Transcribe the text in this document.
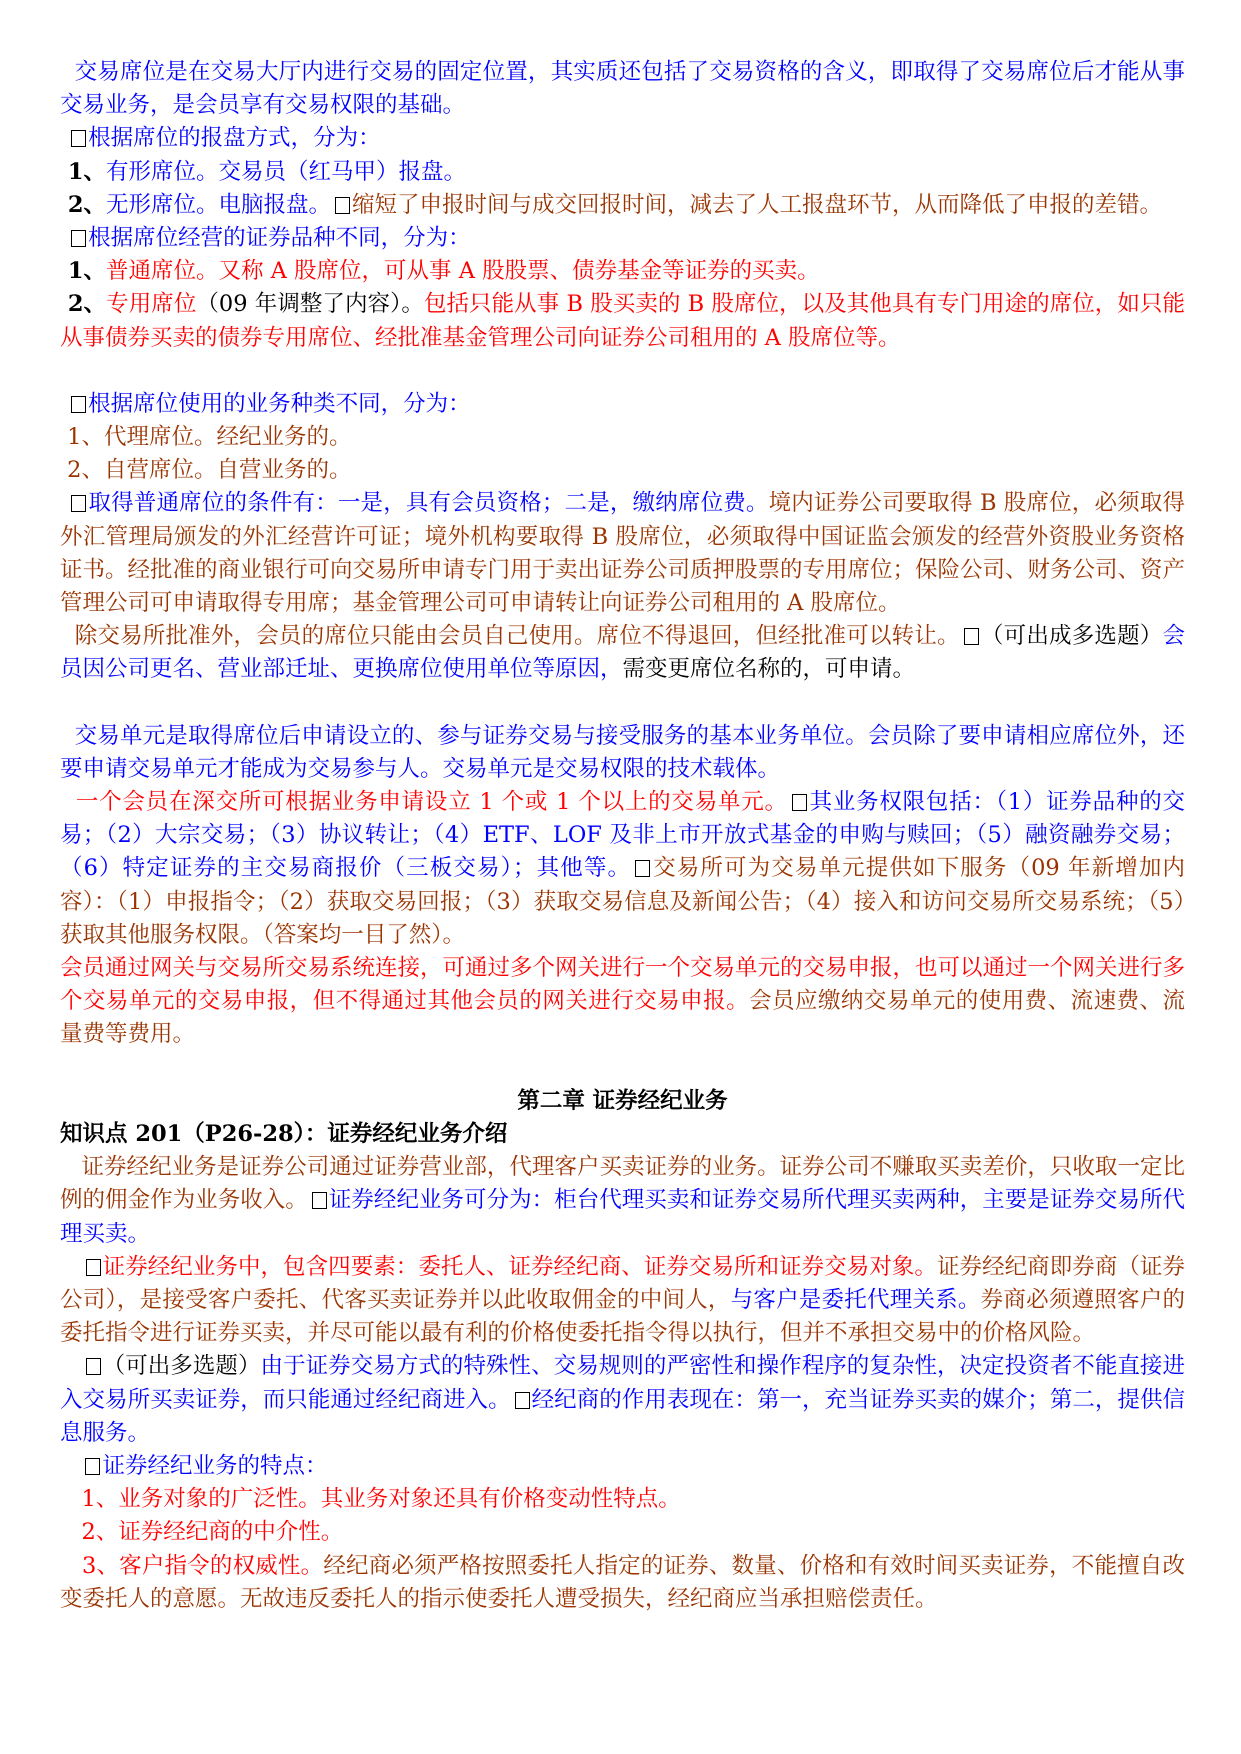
交易席位是在交易大厅内进行交易的固定位置，其实质还包括了交易资格的含义，即取得了交易席位后才能从事交易业务，是会员享有交易权限的基础。

根据席位的报盘方式，分为：

1、有形席位。交易员（红马甲）报盘。

2、无形席位。电脑报盘。 缩短了申报时间与成交回报时间，减去了人工报盘环节，从而降低了申报的差错。

根据席位经营的证券品种不同，分为：

1、普通席位。又称 A 股席位，可从事 A 股股票、债券基金等证券的买卖。

2、专用席位（09 年调整了内容）。包括只能从事 B 股买卖的 B 股席位，以及其他具有专门用途的席位，如只能从事债券买卖的债券专用席位、经批准基金管理公司向证券公司租用的 A 股席位等。

根据席位使用的业务种类不同，分为：

1、代理席位。经纪业务的。

2、自营席位。自营业务的。

取得普通席位的条件有：一是，具有会员资格；二是，缴纳席位费。境内证券公司要取得 B 股席位，必须取得外汇管理局颁发的外汇经营许可证；境外机构要取得 B 股席位，必须取得中国证监会颁发的经营外资股业务资格证书。经批准的商业银行可向交易所申请专门用于卖出证券公司质押股票的专用席位；保险公司、财务公司、资产管理公司可申请取得专用席；基金管理公司可申请转让向证券公司租用的 A 股席位。

除交易所批准外，会员的席位只能由会员自己使用。席位不得退回，但经批准可以转让。 （可出成多选题）会员因公司更名、营业部迁址、更换席位使用单位等原因，需变更席位名称的，可申请。

交易单元是取得席位后申请设立的、参与证券交易与接受服务的基本业务单位。会员除了要申请相应席位外，还要申请交易单元才能成为交易参与人。交易单元是交易权限的技术载体。

一个会员在深交所可根据业务申请设立 1 个或 1 个以上的交易单元。 其业务权限包括：（1）证券品种的交易；（2）大宗交易；（3）协议转让；（4）ETF、LOF 及非上市开放式基金的申购与赎回；（5）融资融券交易；（6）特定证券的主交易商报价（三板交易）；其他等。 交易所可为交易单元提供如下服务（09 年新增加内容）：（1）申报指令；（2）获取交易回报；（3）获取交易信息及新闻公告；（4）接入和访问交易所交易系统；（5）获取其他服务权限。（答案均一目了然）。

会员通过网关与交易所交易系统连接，可通过多个网关进行一个交易单元的交易申报，也可以通过一个网关进行多个交易单元的交易申报，但不得通过其他会员的网关进行交易申报。会员应缴纳交易单元的使用费、流速费、流量费等费用。

第二章 证券经纪业务

知识点 201（P26-28）：证券经纪业务介绍

证券经纪业务是证券公司通过证券营业部，代理客户买卖证券的业务。证券公司不赚取买卖差价，只收取一定比例的佣金作为业务收入。 证券经纪业务可分为：柜台代理买卖和证券交易所代理买卖两种，主要是证券交易所代理买卖。

证券经纪业务中，包含四要素：委托人、证券经纪商、证券交易所和证券交易对象。证券经纪商即券商（证券公司），是接受客户委托、代客买卖证券并以此收取佣金的中间人，与客户是委托代理关系。券商必须遵照客户的委托指令进行证券买卖，并尽可能以最有利的价格使委托指令得以执行，但并不承担交易中的价格风险。

（可出多选题）由于证券交易方式的特殊性、交易规则的严密性和操作程序的复杂性，决定投资者不能直接进入交易所买卖证券，而只能通过经纪商进入。 经纪商的作用表现在：第一，充当证券买卖的媒介；第二，提供信息服务。

证券经纪业务的特点：

1、业务对象的广泛性。其业务对象还具有价格变动性特点。

2、证券经纪商的中介性。

3、客户指令的权威性。经纪商必须严格按照委托人指定的证券、数量、价格和有效时间买卖证券，不能擅自改变委托人的意愿。无故违反委托人的指示使委托人遭受损失，经纪商应当承担赔偿责任。
